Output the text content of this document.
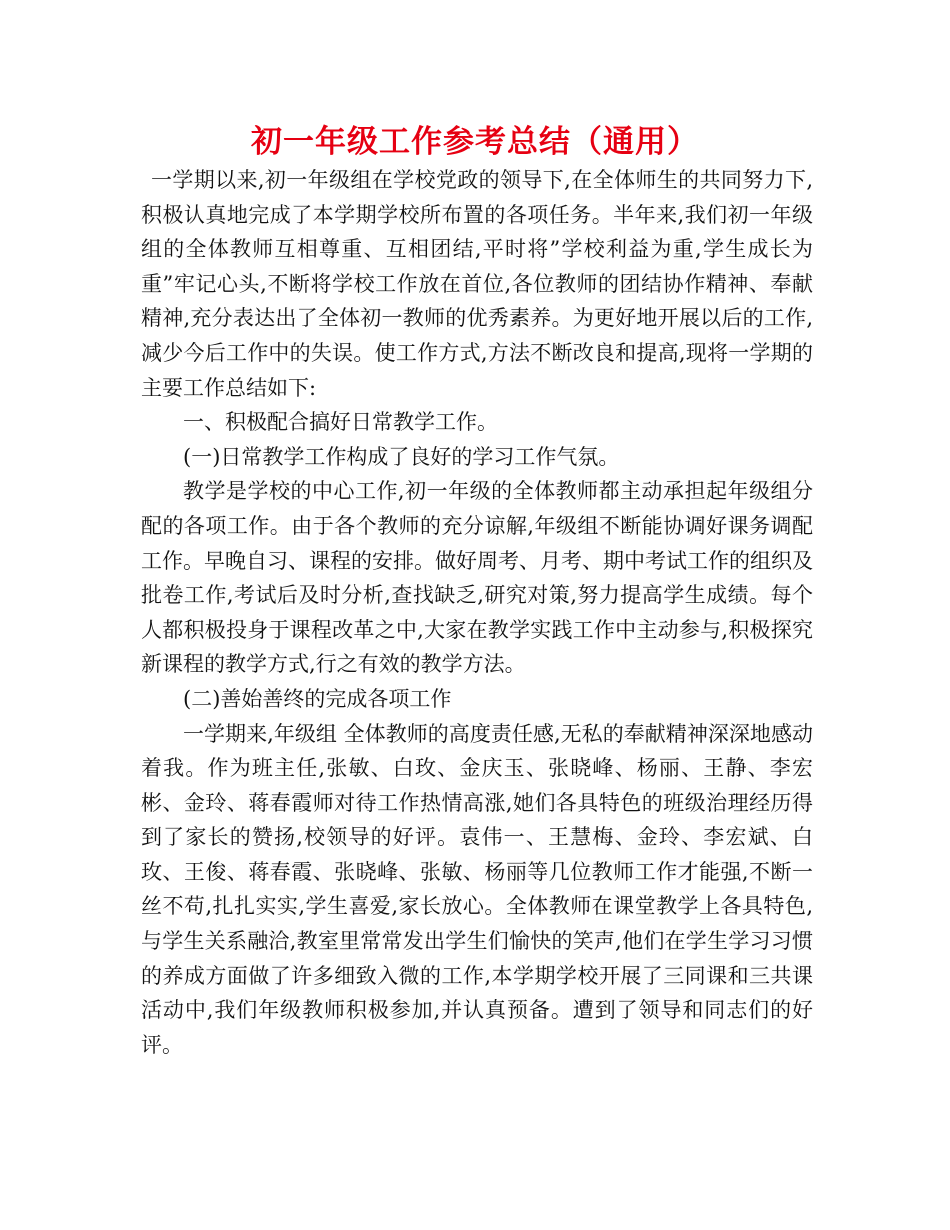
初一年级工作参考总结（通用）

一学期以来,初一年级组在学校党政的领导下,在全体师生的共同努力下,积极认真地完成了本学期学校所布置的各项任务。半年来,我们初一年级组的全体教师互相尊重、互相团结,平时将”学校利益为重,学生成长为重”牢记心头,不断将学校工作放在首位,各位教师的团结协作精神、奉献精神,充分表达出了全体初一教师的优秀素养。为更好地开展以后的工作,减少今后工作中的失误。使工作方式,方法不断改良和提高,现将一学期的主要工作总结如下:

一、积极配合搞好日常教学工作。

(一)日常教学工作构成了良好的学习工作气氛。

教学是学校的中心工作,初一年级的全体教师都主动承担起年级组分配的各项工作。由于各个教师的充分谅解,年级组不断能协调好课务调配工作。早晚自习、课程的安排。做好周考、月考、期中考试工作的组织及批卷工作,考试后及时分析,查找缺乏,研究对策,努力提高学生成绩。每个人都积极投身于课程改革之中,大家在教学实践工作中主动参与,积极探究新课程的教学方式,行之有效的教学方法。

(二)善始善终的完成各项工作

一学期来,年级组 全体教师的高度责任感,无私的奉献精神深深地感动着我。作为班主任,张敏、白玫、金庆玉、张晓峰、杨丽、王静、李宏彬、金玲、蒋春霞师对待工作热情高涨,她们各具特色的班级治理经历得到了家长的赞扬,校领导的好评。袁伟一、王慧梅、金玲、李宏斌、白玫、王俊、蒋春霞、张晓峰、张敏、杨丽等几位教师工作才能强,不断一丝不苟,扎扎实实,学生喜爱,家长放心。全体教师在课堂教学上各具特色,与学生关系融洽,教室里常常发出学生们愉快的笑声,他们在学生学习习惯的养成方面做了许多细致入微的工作,本学期学校开展了三同课和三共课活动中,我们年级教师积极参加,并认真预备。遭到了领导和同志们的好评。
